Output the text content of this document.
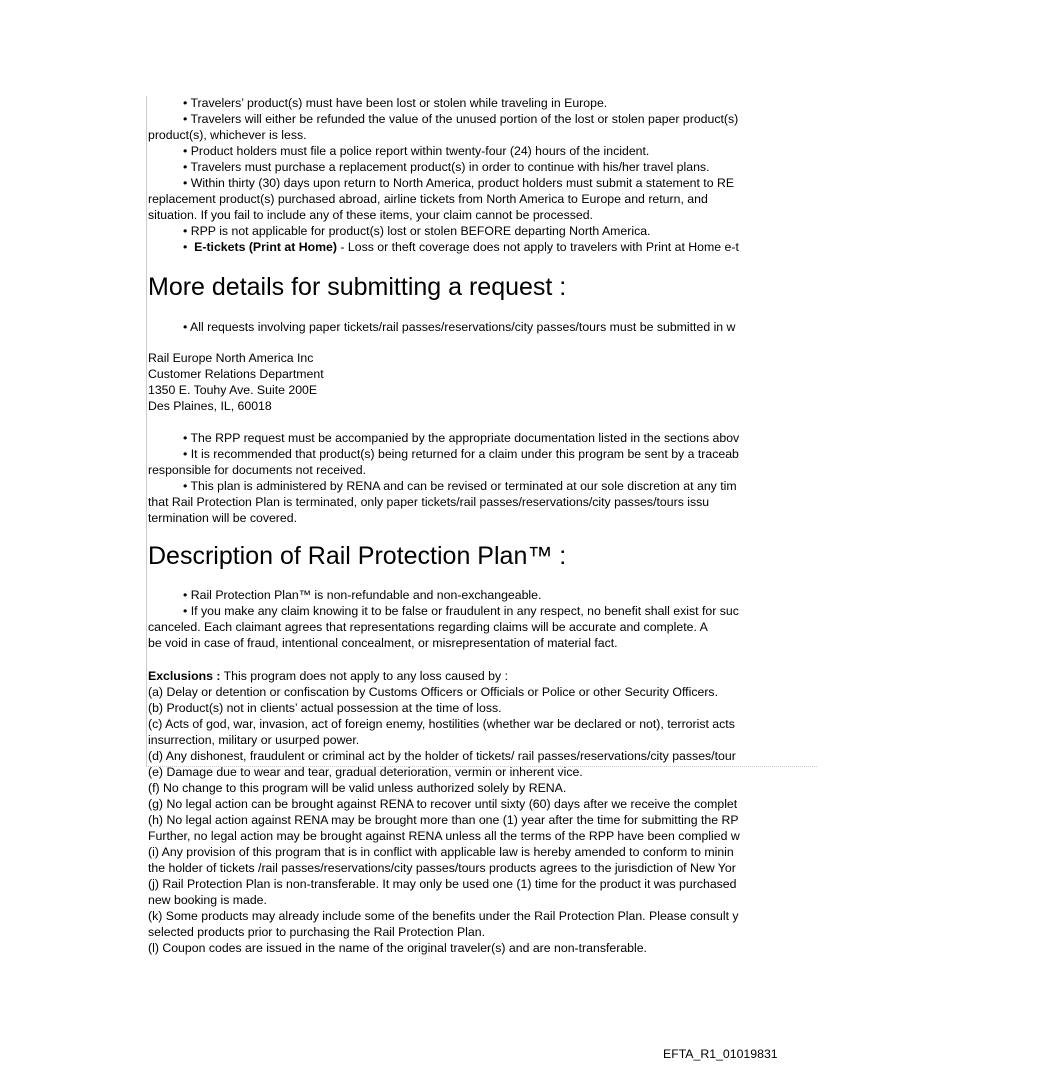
• Travelers’ product(s) must have been lost or stolen while traveling in Europe.
• Travelers will either be refunded the value of the unused portion of the lost or stolen paper product(s)
product(s), whichever is less.
• Product holders must file a police report within twenty-four (24) hours of the incident.
• Travelers must purchase a replacement product(s) in order to continue with his/her travel plans.
• Within thirty (30) days upon return to North America, product holders must submit a statement to RE
replacement product(s) purchased abroad, airline tickets from North America to Europe and return, and
situation. If you fail to include any of these items, your claim cannot be processed.
• RPP is not applicable for product(s) lost or stolen BEFORE departing North America.
• E-tickets (Print at Home) - Loss or theft coverage does not apply to travelers with Print at Home e-t
More details for submitting a request :
• All requests involving paper tickets/rail passes/reservations/city passes/tours must be submitted in w
Rail Europe North America Inc
Customer Relations Department
1350 E. Touhy Ave. Suite 200E
Des Plaines, IL, 60018
• The RPP request must be accompanied by the appropriate documentation listed in the sections abov
• It is recommended that product(s) being returned for a claim under this program be sent by a traceab
responsible for documents not received.
• This plan is administered by RENA and can be revised or terminated at our sole discretion at any tim
that Rail Protection Plan is terminated, only paper tickets/rail passes/reservations/city passes/tours issu
termination will be covered.
Description of Rail Protection Plan™ :
• Rail Protection Plan™ is non-refundable and non-exchangeable.
• If you make any claim knowing it to be false or fraudulent in any respect, no benefit shall exist for suc
canceled. Each claimant agrees that representations regarding claims will be accurate and complete. A
be void in case of fraud, intentional concealment, or misrepresentation of material fact.
Exclusions : This program does not apply to any loss caused by :
(a) Delay or detention or confiscation by Customs Officers or Officials or Police or other Security Officers.
(b) Product(s) not in clients’ actual possession at the time of loss.
(c) Acts of god, war, invasion, act of foreign enemy, hostilities (whether war be declared or not), terrorist acts
insurrection, military or usurped power.
(d) Any dishonest, fraudulent or criminal act by the holder of tickets/ rail passes/reservations/city passes/tour
(e) Damage due to wear and tear, gradual deterioration, vermin or inherent vice.
(f) No change to this program will be valid unless authorized solely by RENA.
(g) No legal action can be brought against RENA to recover until sixty (60) days after we receive the complet
(h) No legal action against RENA may be brought more than one (1) year after the time for submitting the RP
Further, no legal action may be brought against RENA unless all the terms of the RPP have been complied w
(i) Any provision of this program that is in conflict with applicable law is hereby amended to conform to minin
the holder of tickets /rail passes/reservations/city passes/tours products agrees to the jurisdiction of New Yor
(j) Rail Protection Plan is non-transferable. It may only be used one (1) time for the product it was purchased
new booking is made.
(k) Some products may already include some of the benefits under the Rail Protection Plan. Please consult y
selected products prior to purchasing the Rail Protection Plan.
(l) Coupon codes are issued in the name of the original traveler(s) and are non-transferable.
EFTA_R1_01019831
